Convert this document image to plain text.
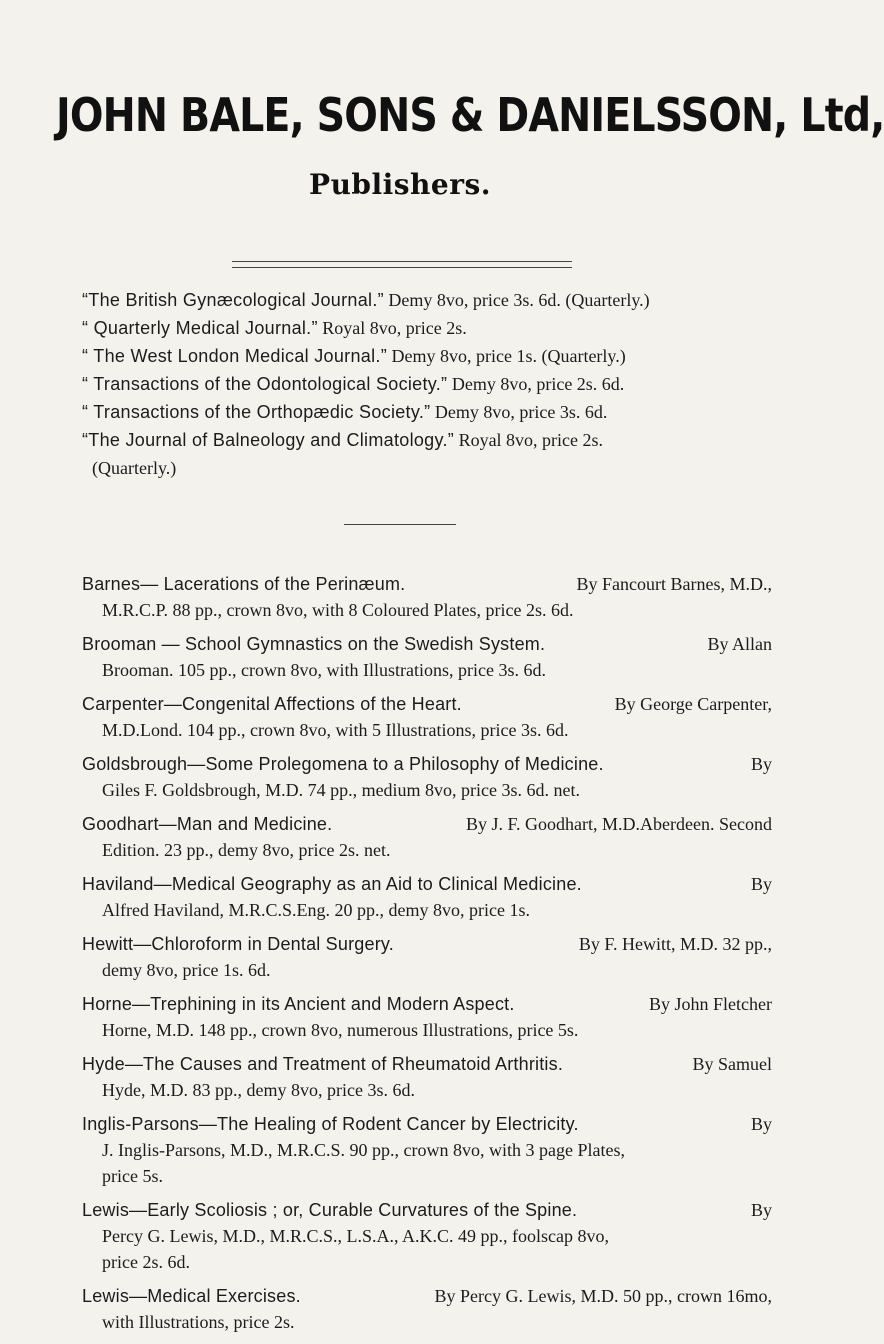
JOHN BALE, SONS & DANIELSSON, Ltd,
Publishers.
“The British Gynæcological Journal.” Demy 8vo, price 3s. 6d. (Quarterly.)
“ Quarterly Medical Journal.” Royal 8vo, price 2s.
“ The West London Medical Journal.” Demy 8vo, price 1s. (Quarterly.)
“ Transactions of the Odontological Society.” Demy 8vo, price 2s. 6d.
“ Transactions of the Orthopædic Society.” Demy 8vo, price 3s. 6d.
“The Journal of Balneology and Climatology.” Royal 8vo, price 2s.
(Quarterly.)
Barnes— Lacerations of the Perinæum.	By Fancourt Barnes, M.D.,
M.R.C.P. 88 pp., crown 8vo, with 8 Coloured Plates, price 2s. 6d.
Brooman — School Gymnastics on the Swedish System.	By Allan
Brooman. 105 pp., crown 8vo, with Illustrations, price 3s. 6d.
Carpenter—Congenital Affections of the Heart.	By George Carpenter,
M.D.Lond. 104 pp., crown 8vo, with 5 Illustrations, price 3s. 6d.
Goldsbrough—Some Prolegomena to a Philosophy of Medicine.	By
Giles F. Goldsbrough, M.D. 74 pp., medium 8vo, price 3s. 6d. net.
Goodhart—Man and Medicine.	By J. F. Goodhart, M.D.Aberdeen. Second
Edition. 23 pp., demy 8vo, price 2s. net.
Haviland—Medical Geography as an Aid to Clinical Medicine.	By
Alfred Haviland, M.R.C.S.Eng. 20 pp., demy 8vo, price 1s.
Hewitt—Chloroform in Dental Surgery.	By F. Hewitt, M.D. 32 pp.,
demy 8vo, price 1s. 6d.
Horne—Trephining in its Ancient and Modern Aspect.	By John Fletcher
Horne, M.D. 148 pp., crown 8vo, numerous Illustrations, price 5s.
Hyde—The Causes and Treatment of Rheumatoid Arthritis.	By Samuel
Hyde, M.D. 83 pp., demy 8vo, price 3s. 6d.
Inglis-Parsons—The Healing of Rodent Cancer by Electricity.	By
J. Inglis-Parsons, M.D., M.R.C.S. 90 pp., crown 8vo, with 3 page Plates,
price 5s.
Lewis—Early Scoliosis ; or, Curable Curvatures of the Spine.	By
Percy G. Lewis, M.D., M.R.C.S., L.S.A., A.K.C. 49 pp., foolscap 8vo,
price 2s. 6d.
Lewis—Medical Exercises.	By Percy G. Lewis, M.D. 50 pp., crown 16mo,
with Illustrations, price 2s.
